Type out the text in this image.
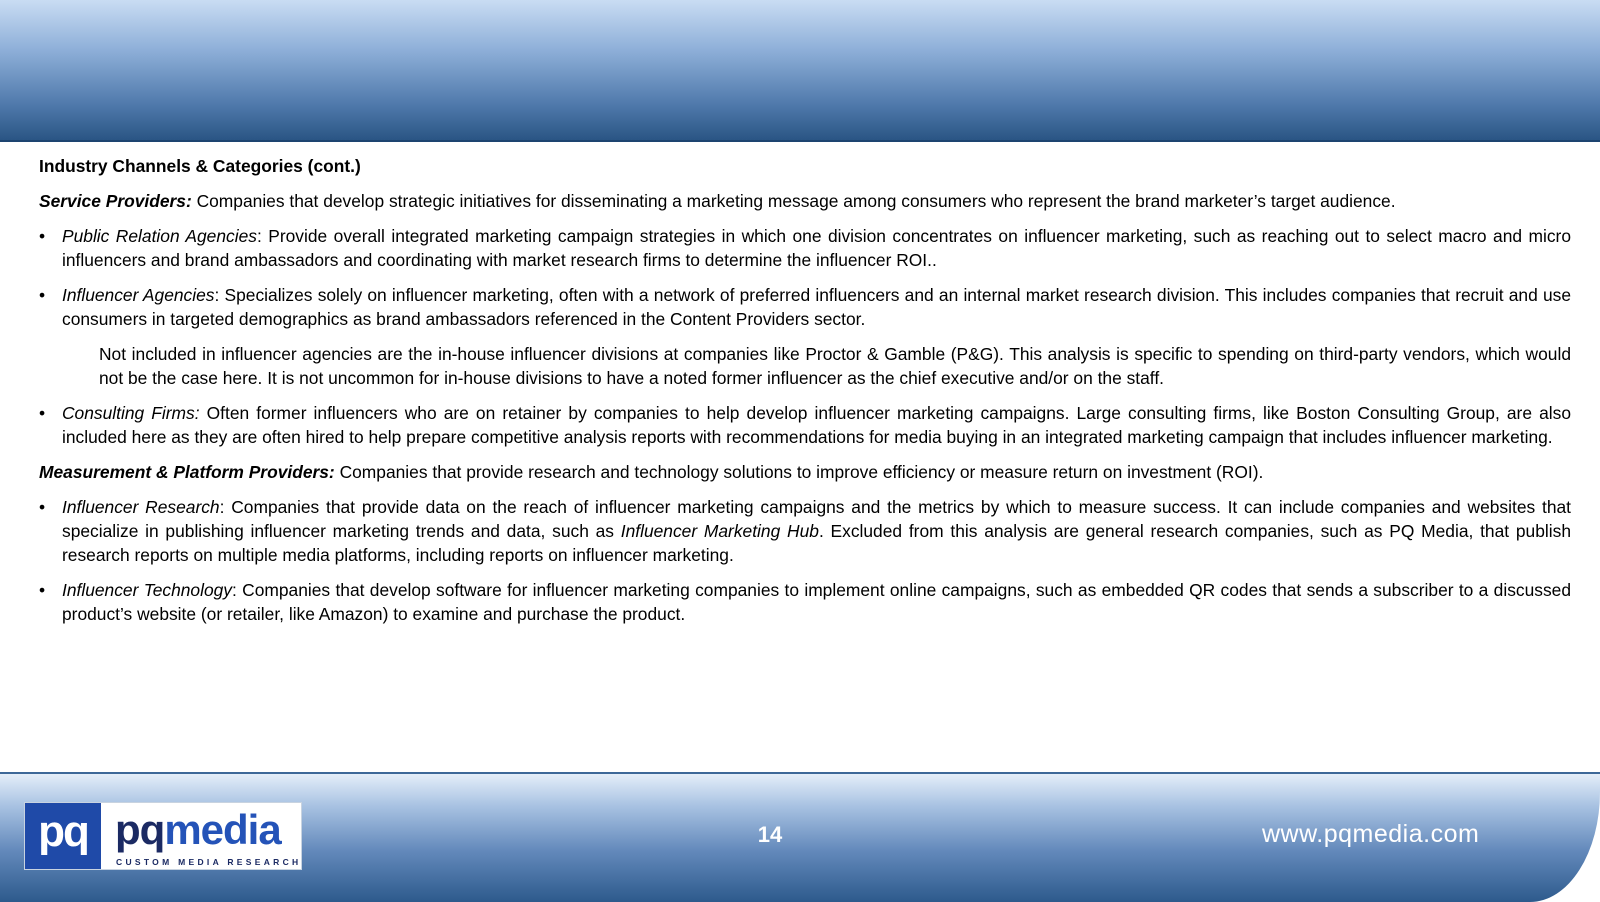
Industry Channels & Categories (cont.)

Service Providers: Companies that develop strategic initiatives for disseminating a marketing message among consumers who represent the brand marketer’s target audience.

• Public Relation Agencies: Provide overall integrated marketing campaign strategies in which one division concentrates on influencer marketing, such as reaching out to select macro and micro influencers and brand ambassadors and coordinating with market research firms to determine the influencer ROI..
• Influencer Agencies: Specializes solely on influencer marketing, often with a network of preferred influencers and an internal market research division. This includes companies that recruit and use consumers in targeted demographics as brand ambassadors referenced in the Content Providers sector.

Not included in influencer agencies are the in-house influencer divisions at companies like Proctor & Gamble (P&G). This analysis is specific to spending on third-party vendors, which would not be the case here. It is not uncommon for in-house divisions to have a noted former influencer as the chief executive and/or on the staff.

• Consulting Firms: Often former influencers who are on retainer by companies to help develop influencer marketing campaigns. Large consulting firms, like Boston Consulting Group, are also included here as they are often hired to help prepare competitive analysis reports with recommendations for media buying in an integrated marketing campaign that includes influencer marketing.

Measurement & Platform Providers: Companies that provide research and technology solutions to improve efficiency or measure return on investment (ROI).

• Influencer Research: Companies that provide data on the reach of influencer marketing campaigns and the metrics by which to measure success. It can include companies and websites that specialize in publishing influencer marketing trends and data, such as Influencer Marketing Hub. Excluded from this analysis are general research companies, such as PQ Media, that publish research reports on multiple media platforms, including reports on influencer marketing.
• Influencer Technology: Companies that develop software for influencer marketing companies to implement online campaigns, such as embedded QR codes that sends a subscriber to a discussed product’s website (or retailer, like Amazon) to examine and purchase the product.
pq pqmedia
CUSTOM MEDIA RESEARCH
14	www.pqmedia.com
